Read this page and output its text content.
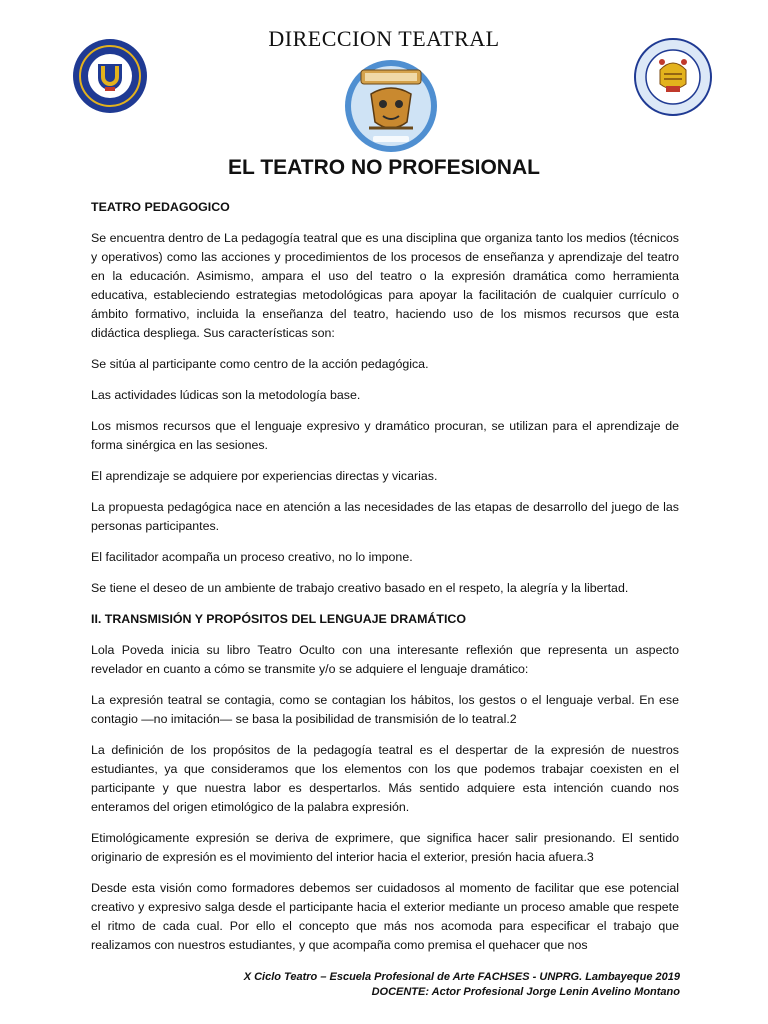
DIRECCION TEATRAL
EL TEATRO NO PROFESIONAL
TEATRO PEDAGOGICO

Se encuentra dentro de La pedagogía teatral que es una disciplina que organiza tanto los medios (técnicos y operativos) como las acciones y procedimientos de los procesos de enseñanza y aprendizaje del teatro en la educación. Asimismo, ampara el uso del teatro o la expresión dramática como herramienta educativa, estableciendo estrategias metodológicas para apoyar la facilitación de cualquier currículo o ámbito formativo, incluida la enseñanza del teatro, haciendo uso de los mismos recursos que esta didáctica despliega. Sus características son:

Se sitúa al participante como centro de la acción pedagógica.

Las actividades lúdicas son la metodología base.

Los mismos recursos que el lenguaje expresivo y dramático procuran, se utilizan para el aprendizaje de forma sinérgica en las sesiones.

El aprendizaje se adquiere por experiencias directas y vicarias.

La propuesta pedagógica nace en atención a las necesidades de las etapas de desarrollo del juego de las personas participantes.

El facilitador acompaña un proceso creativo, no lo impone.

Se tiene el deseo de un ambiente de trabajo creativo basado en el respeto, la alegría y la libertad.

II. TRANSMISIÓN Y PROPÓSITOS DEL LENGUAJE DRAMÁTICO

Lola Poveda inicia su libro Teatro Oculto con una interesante reflexión que representa un aspecto revelador en cuanto a cómo se transmite y/o se adquiere el lenguaje dramático:

La expresión teatral se contagia, como se contagian los hábitos, los gestos o el lenguaje verbal. En ese contagio —no imitación— se basa la posibilidad de transmisión de lo teatral.2

La definición de los propósitos de la pedagogía teatral es el despertar de la expresión de nuestros estudiantes, ya que consideramos que los elementos con los que podemos trabajar coexisten en el participante y que nuestra labor es despertarlos. Más sentido adquiere esta intención cuando nos enteramos del origen etimológico de la palabra expresión.

Etimológicamente expresión se deriva de exprimere, que significa hacer salir presionando. El sentido originario de expresión es el movimiento del interior hacia el exterior, presión hacia afuera.3

Desde esta visión como formadores debemos ser cuidadosos al momento de facilitar que ese potencial creativo y expresivo salga desde el participante hacia el exterior mediante un proceso amable que respete el ritmo de cada cual. Por ello el concepto que más nos acomoda para especificar el trabajo que realizamos con nuestros estudiantes, y que acompaña como premisa el quehacer que nos

X Ciclo Teatro – Escuela Profesional de Arte FACHSES - UNPRG. Lambayeque 2019
DOCENTE: Actor Profesional Jorge Lenin Avelino Montano
